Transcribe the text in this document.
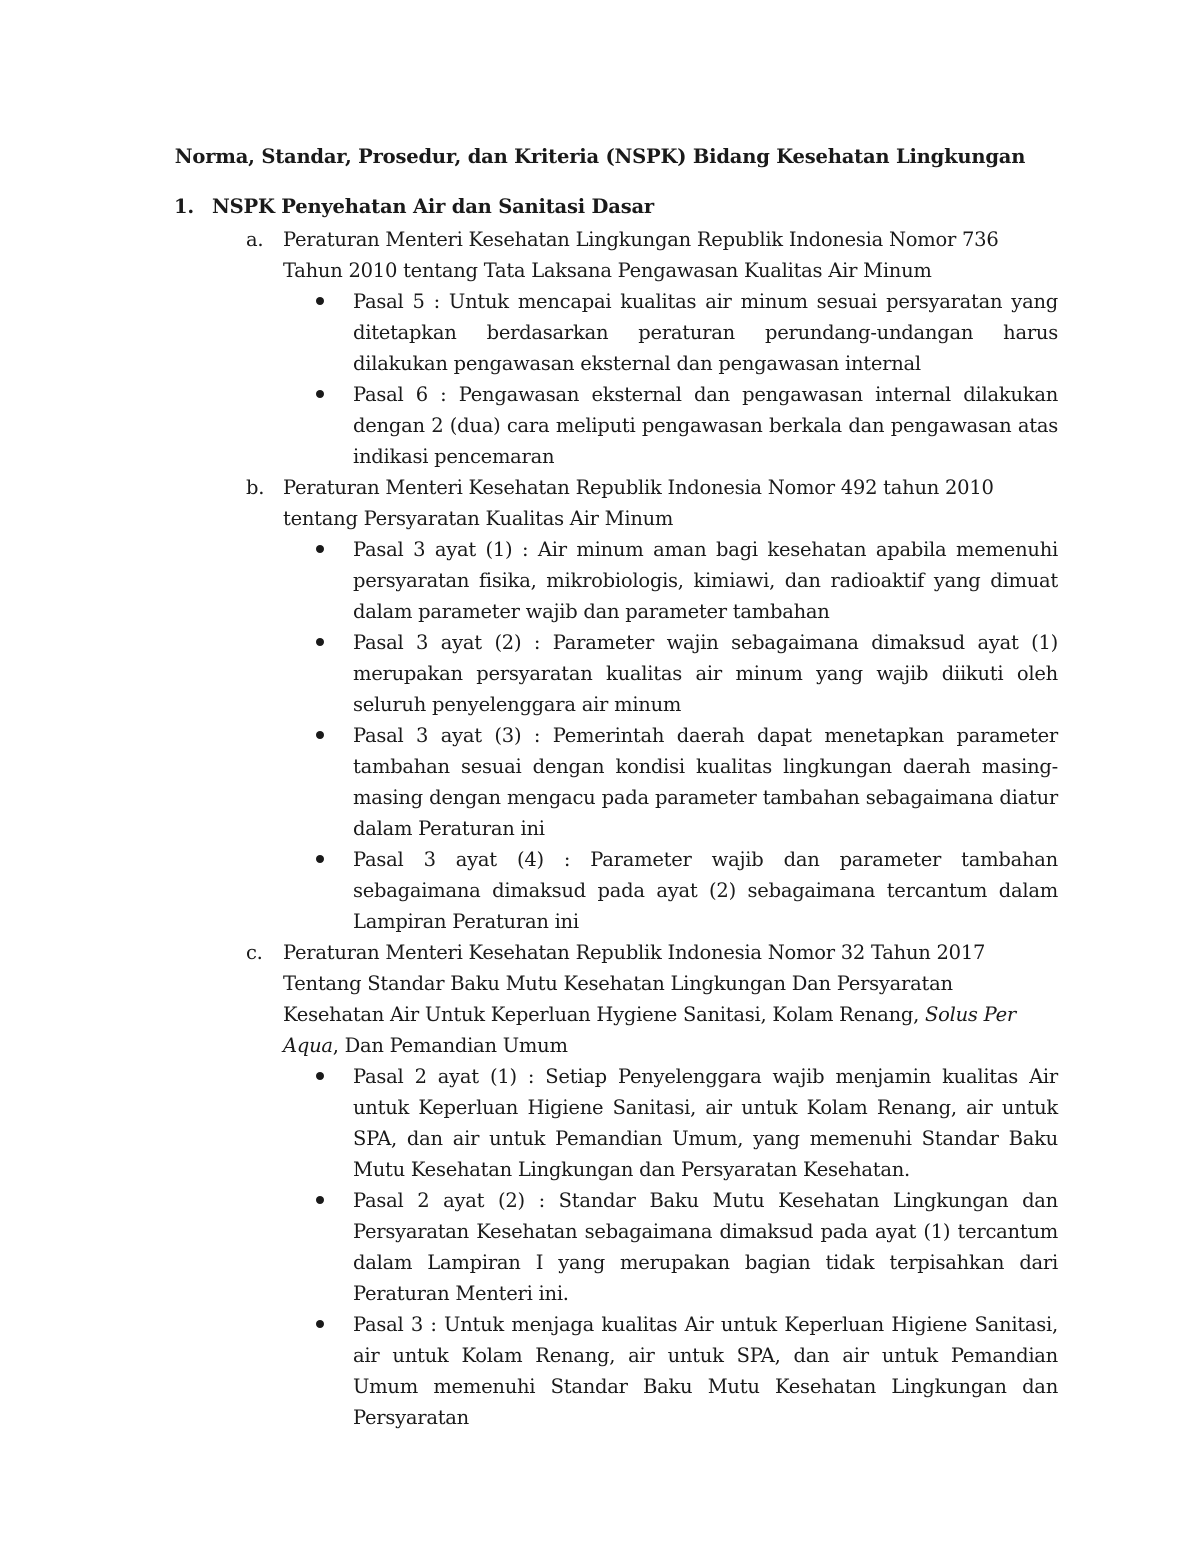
Norma, Standar, Prosedur, dan Kriteria (NSPK) Bidang Kesehatan Lingkungan
1. NSPK Penyehatan Air dan Sanitasi Dasar
a. Peraturan Menteri Kesehatan Lingkungan Republik Indonesia Nomor 736 Tahun 2010 tentang Tata Laksana Pengawasan Kualitas Air Minum
Pasal 5 : Untuk mencapai kualitas air minum sesuai persyaratan yang ditetapkan berdasarkan peraturan perundang-undangan harus dilakukan pengawasan eksternal dan pengawasan internal
Pasal 6 : Pengawasan eksternal dan pengawasan internal dilakukan dengan 2 (dua) cara meliputi pengawasan berkala dan pengawasan atas indikasi pencemaran
b. Peraturan Menteri Kesehatan Republik Indonesia Nomor 492 tahun 2010 tentang Persyaratan Kualitas Air Minum
Pasal 3 ayat (1) : Air minum aman bagi kesehatan apabila memenuhi persyaratan fisika, mikrobiologis, kimiawi, dan radioaktif yang dimuat dalam parameter wajib dan parameter tambahan
Pasal 3 ayat (2) : Parameter wajin sebagaimana dimaksud ayat (1) merupakan persyaratan kualitas air minum yang wajib diikuti oleh seluruh penyelenggara air minum
Pasal 3 ayat (3) : Pemerintah daerah dapat menetapkan parameter tambahan sesuai dengan kondisi kualitas lingkungan daerah masing-masing dengan mengacu pada parameter tambahan sebagaimana diatur dalam Peraturan ini
Pasal 3 ayat (4) : Parameter wajib dan parameter tambahan sebagaimana dimaksud pada ayat (2) sebagaimana tercantum dalam Lampiran Peraturan ini
c. Peraturan Menteri Kesehatan Republik Indonesia Nomor 32 Tahun 2017 Tentang Standar Baku Mutu Kesehatan Lingkungan Dan Persyaratan Kesehatan Air Untuk Keperluan Hygiene Sanitasi, Kolam Renang, Solus Per Aqua, Dan Pemandian Umum
Pasal 2 ayat (1) : Setiap Penyelenggara wajib menjamin kualitas Air untuk Keperluan Higiene Sanitasi, air untuk Kolam Renang, air untuk SPA, dan air untuk Pemandian Umum, yang memenuhi Standar Baku Mutu Kesehatan Lingkungan dan Persyaratan Kesehatan.
Pasal 2 ayat (2) : Standar Baku Mutu Kesehatan Lingkungan dan Persyaratan Kesehatan sebagaimana dimaksud pada ayat (1) tercantum dalam Lampiran I yang merupakan bagian tidak terpisahkan dari Peraturan Menteri ini.
Pasal 3 : Untuk menjaga kualitas Air untuk Keperluan Higiene Sanitasi, air untuk Kolam Renang, air untuk SPA, dan air untuk Pemandian Umum memenuhi Standar Baku Mutu Kesehatan Lingkungan dan Persyaratan
